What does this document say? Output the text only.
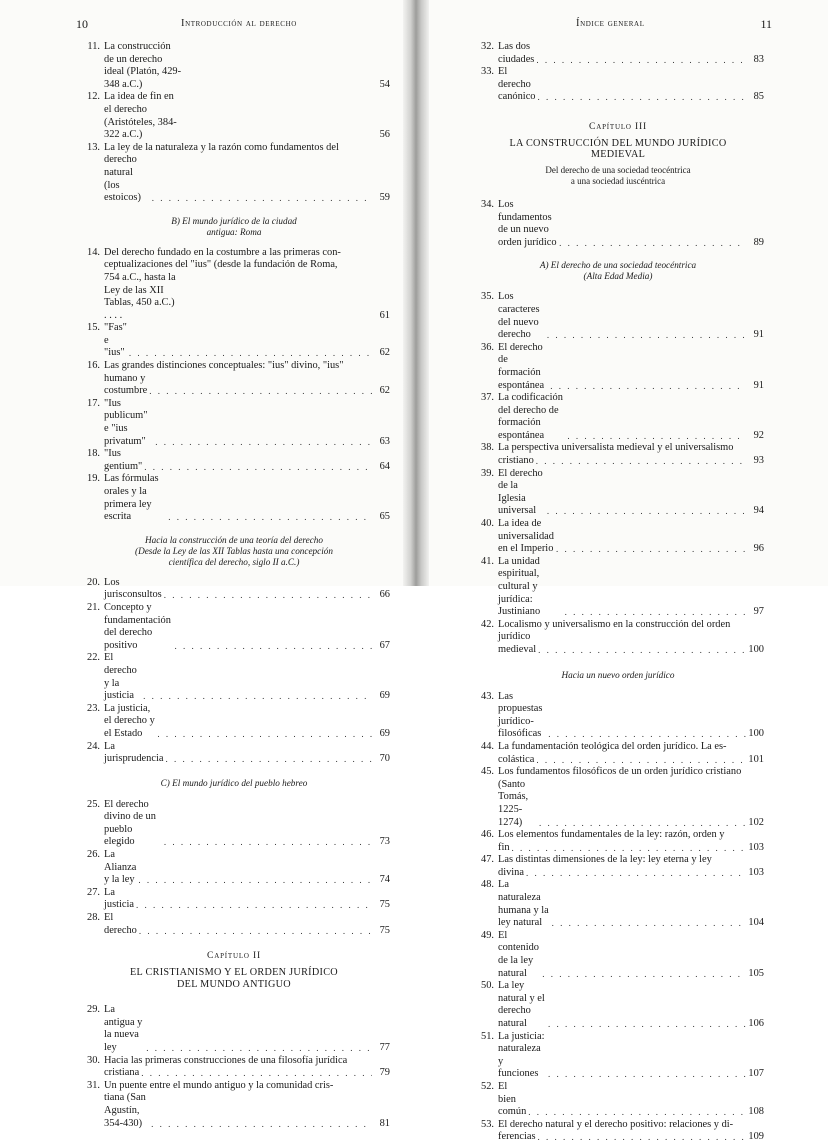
10	Introducción al derecho
11. La construcción de un derecho ideal (Platón, 429-348 a.C.)	54
12. La idea de fin en el derecho (Aristóteles, 384-322 a.C.)	56
13. La ley de la naturaleza y la razón como fundamentos del
derecho natural (los estoicos) . . .	59
B) El mundo jurídico de la ciudad
antigua: Roma
14. Del derecho fundado en la costumbre a las primeras con-
ceptualizaciones del "ius" (desde la fundación de Roma,
754 a.C., hasta la Ley de las XII Tablas, 450 a.C.) . . . .	61
15. "Fas" e "ius" . . .	62
16. Las grandes distinciones conceptuales: "ius" divino, "ius"
humano y costumbre . . .	62
17. "Ius publicum" e "ius privatum" . . .	63
18. "Ius gentium" . . .	64
19. Las fórmulas orales y la primera ley escrita . . .	65
Hacia la construcción de una teoría del derecho
(Desde la Ley de las XII Tablas hasta una concepción
científica del derecho, siglo II a.C.)
20. Los jurisconsultos . . .	66
21. Concepto y fundamentación del derecho positivo . . .	67
22. El derecho y la justicia . . .	69
23. La justicia, el derecho y el Estado . . .	69
24. La jurisprudencia . . .	70
C) El mundo jurídico del pueblo hebreo
25. El derecho divino de un pueblo elegido . . .	73
26. La Alianza y la ley . . .	74
27. La justicia . . .	75
28. El derecho . . .	75
Capítulo II
EL CRISTIANISMO Y EL ORDEN JURÍDICO
DEL MUNDO ANTIGUO
29. La antigua y la nueva ley . . .	77
30. Hacia las primeras construcciones de una filosofía jurídica
cristiana . . .	79
31. Un puente entre el mundo antiguo y la comunidad cris-
tiana (San Agustín, 354-430) . . .	81
Índice general	11
32. Las dos ciudades . . .	83
33. El derecho canónico . . .	85
Capítulo III
LA CONSTRUCCIÓN DEL MUNDO JURÍDICO
MEDIEVAL
Del derecho de una sociedad teocéntrica
a una sociedad iuscéntrica
34. Los fundamentos de un nuevo orden jurídico . . .	89
A) El derecho de una sociedad teocéntrica
(Alta Edad Media)
35. Los caracteres del nuevo derecho . . .	91
36. El derecho de formación espontánea . . .	91
37. La codificación del derecho de formación espontánea . . .	92
38. La perspectiva universalista medieval y el universalismo
cristiano . . .	93
39. El derecho de la Iglesia universal . . .	94
40. La idea de universalidad en el Imperio . . .	96
41. La unidad espiritual, cultural y jurídica: Justiniano . . .	97
42. Localismo y universalismo en la construcción del orden
jurídico medieval . . .	100
Hacia un nuevo orden jurídico
43. Las propuestas jurídico-filosóficas . . .	100
44. La fundamentación teológica del orden jurídico. La es-
colástica . . .	101
45. Los fundamentos filosóficos de un orden jurídico cristiano
(Santo Tomás, 1225-1274) . . .	102
46. Los elementos fundamentales de la ley: razón, orden y
fin . . .	103
47. Las distintas dimensiones de la ley: ley eterna y ley
divina . . .	103
48. La naturaleza humana y la ley natural . . .	104
49. El contenido de la ley natural . . .	105
50. La ley natural y el derecho natural . . .	106
51. La justicia: naturaleza y funciones . . .	107
52. El bien común . . .	108
53. El derecho natural y el derecho positivo: relaciones y di-
ferencias . . .	109
